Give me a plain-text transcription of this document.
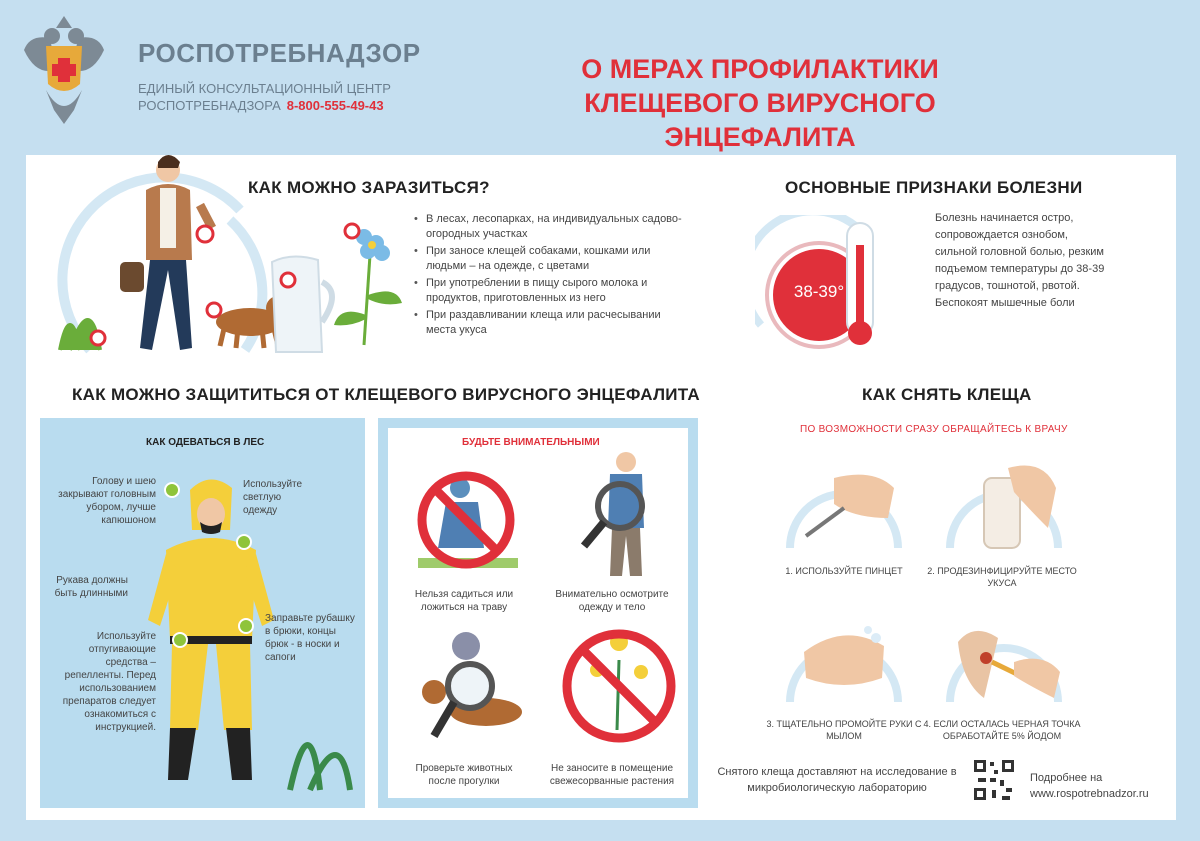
РОСПОТРЕБНАДЗОР
ЕДИНЫЙ КОНСУЛЬТАЦИОННЫЙ ЦЕНТР
РОСПОТРЕБНАДЗОРА 8-800-555-49-43
О МЕРАХ ПРОФИЛАКТИКИ
КЛЕЩЕВОГО ВИРУСНОГО ЭНЦЕФАЛИТА
КАК МОЖНО ЗАРАЗИТЬСЯ?
• В лесах, лесопарках, на индивидуальных садово-огородных участках
• При заносе клещей собаками, кошками или людьми – на одежде, с цветами
• При употреблении в пищу сырого молока и продуктов, приготовленных из него
• При раздавливании клеща или расчесывании места укуса
ОСНОВНЫЕ ПРИЗНАКИ БОЛЕЗНИ
38-39°
Болезнь начинается остро, сопровождается ознобом, сильной головной болью, резким подъемом температуры до 38-39 градусов, тошнотой, рвотой. Беспокоят мышечные боли
КАК МОЖНО ЗАЩИТИТЬСЯ ОТ КЛЕЩЕВОГО ВИРУСНОГО ЭНЦЕФАЛИТА
КАК ОДЕВАТЬСЯ В ЛЕС
Голову и шею закрывают головным убором, лучше капюшоном
Используйте светлую одежду
Рукава должны быть длинными
Используйте отпугивающие средства – репелленты. Перед использованием препаратов следует ознакомиться с инструкцией.
Заправьте рубашку в брюки, концы брюк - в носки и сапоги
БУДЬТЕ ВНИМАТЕЛЬНЫМИ
Нельзя садиться или ложиться на траву
Внимательно осмотрите одежду и тело
Проверьте животных после прогулки
Не заносите в помещение свежесорванные растения
КАК СНЯТЬ КЛЕЩА
ПО ВОЗМОЖНОСТИ СРАЗУ ОБРАЩАЙТЕСЬ К ВРАЧУ
1. ИСПОЛЬЗУЙТЕ ПИНЦЕТ	2. ПРОДЕЗИНФИЦИРУЙТЕ МЕСТО УКУСА
3. ТЩАТЕЛЬНО ПРОМОЙТЕ РУКИ С МЫЛОМ
4. ЕСЛИ ОСТАЛАСЬ ЧЕРНАЯ ТОЧКА ОБРАБОТАЙТЕ 5% ЙОДОМ
Снятого клеща доставляют на исследование в микробиологическую лабораторию
Подробнее на
www.rospotrebnadzor.ru
